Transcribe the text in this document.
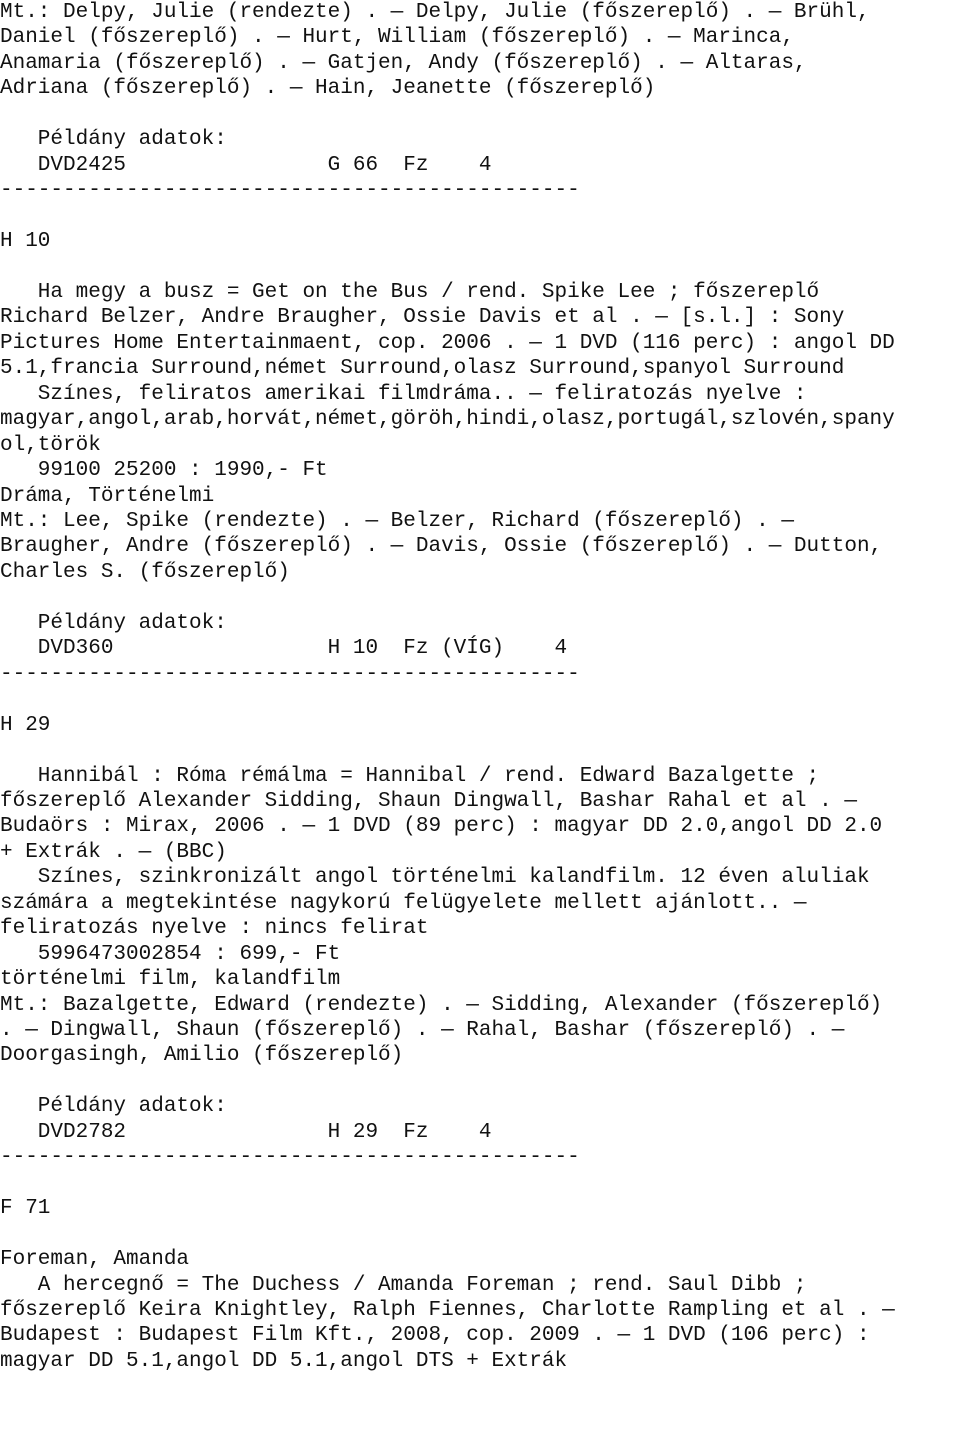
Mt.: Delpy, Julie (rendezte) . — Delpy, Julie (főszereplő) . — Brühl,
Daniel (főszereplő) . — Hurt, William (főszereplő) . — Marinca,
Anamaria (főszereplő) . — Gatjen, Andy (főszereplő) . — Altaras,
Adriana (főszereplő) . — Hain, Jeanette (főszereplő)
Példány adatok:
DVD2425                G 66  Fz    4
----------------------------------------------
H 10
Ha megy a busz = Get on the Bus / rend. Spike Lee ; főszereplő
Richard Belzer, Andre Braugher, Ossie Davis et al . — [s.l.] : Sony
Pictures Home Entertainmaent, cop. 2006 . — 1 DVD (116 perc) : angol DD
5.1,francia Surround,német Surround,olasz Surround,spanyol Surround
Színes, feliratos amerikai filmdráma.. — feliratozás nyelve :
magyar,angol,arab,horvát,német,göröh,hindi,olasz,portugál,szlovén,spany
ol,török
99100 25200 : 1990,- Ft
Dráma, Történelmi
Mt.: Lee, Spike (rendezte) . — Belzer, Richard (főszereplő) . —
Braugher, Andre (főszereplő) . — Davis, Ossie (főszereplő) . — Dutton,
Charles S. (főszereplő)
Példány adatok:
DVD360                 H 10  Fz (VÍG)    4
----------------------------------------------
H 29
Hannibál : Róma rémálma = Hannibal / rend. Edward Bazalgette ;
főszereplő Alexander Sidding, Shaun Dingwall, Bashar Rahal et al . —
Budaörs : Mirax, 2006 . — 1 DVD (89 perc) : magyar DD 2.0,angol DD 2.0
+ Extrák . — (BBC)
Színes, szinkronizált angol történelmi kalandfilm. 12 éven aluliak
számára a megtekintése nagykorú felügyelete mellett ajánlott.. —
feliratozás nyelve : nincs felirat
5996473002854 : 699,- Ft
történelmi film, kalandfilm
Mt.: Bazalgette, Edward (rendezte) . — Sidding, Alexander (főszereplő)
. — Dingwall, Shaun (főszereplő) . — Rahal, Bashar (főszereplő) . —
Doorgasingh, Amilio (főszereplő)
Példány adatok:
DVD2782                H 29  Fz    4
----------------------------------------------
F 71
Foreman, Amanda
A hercegnő = The Duchess / Amanda Foreman ; rend. Saul Dibb ;
főszereplő Keira Knightley, Ralph Fiennes, Charlotte Rampling et al . —
Budapest : Budapest Film Kft., 2008, cop. 2009 . — 1 DVD (106 perc) :
magyar DD 5.1,angol DD 5.1,angol DTS + Extrák
